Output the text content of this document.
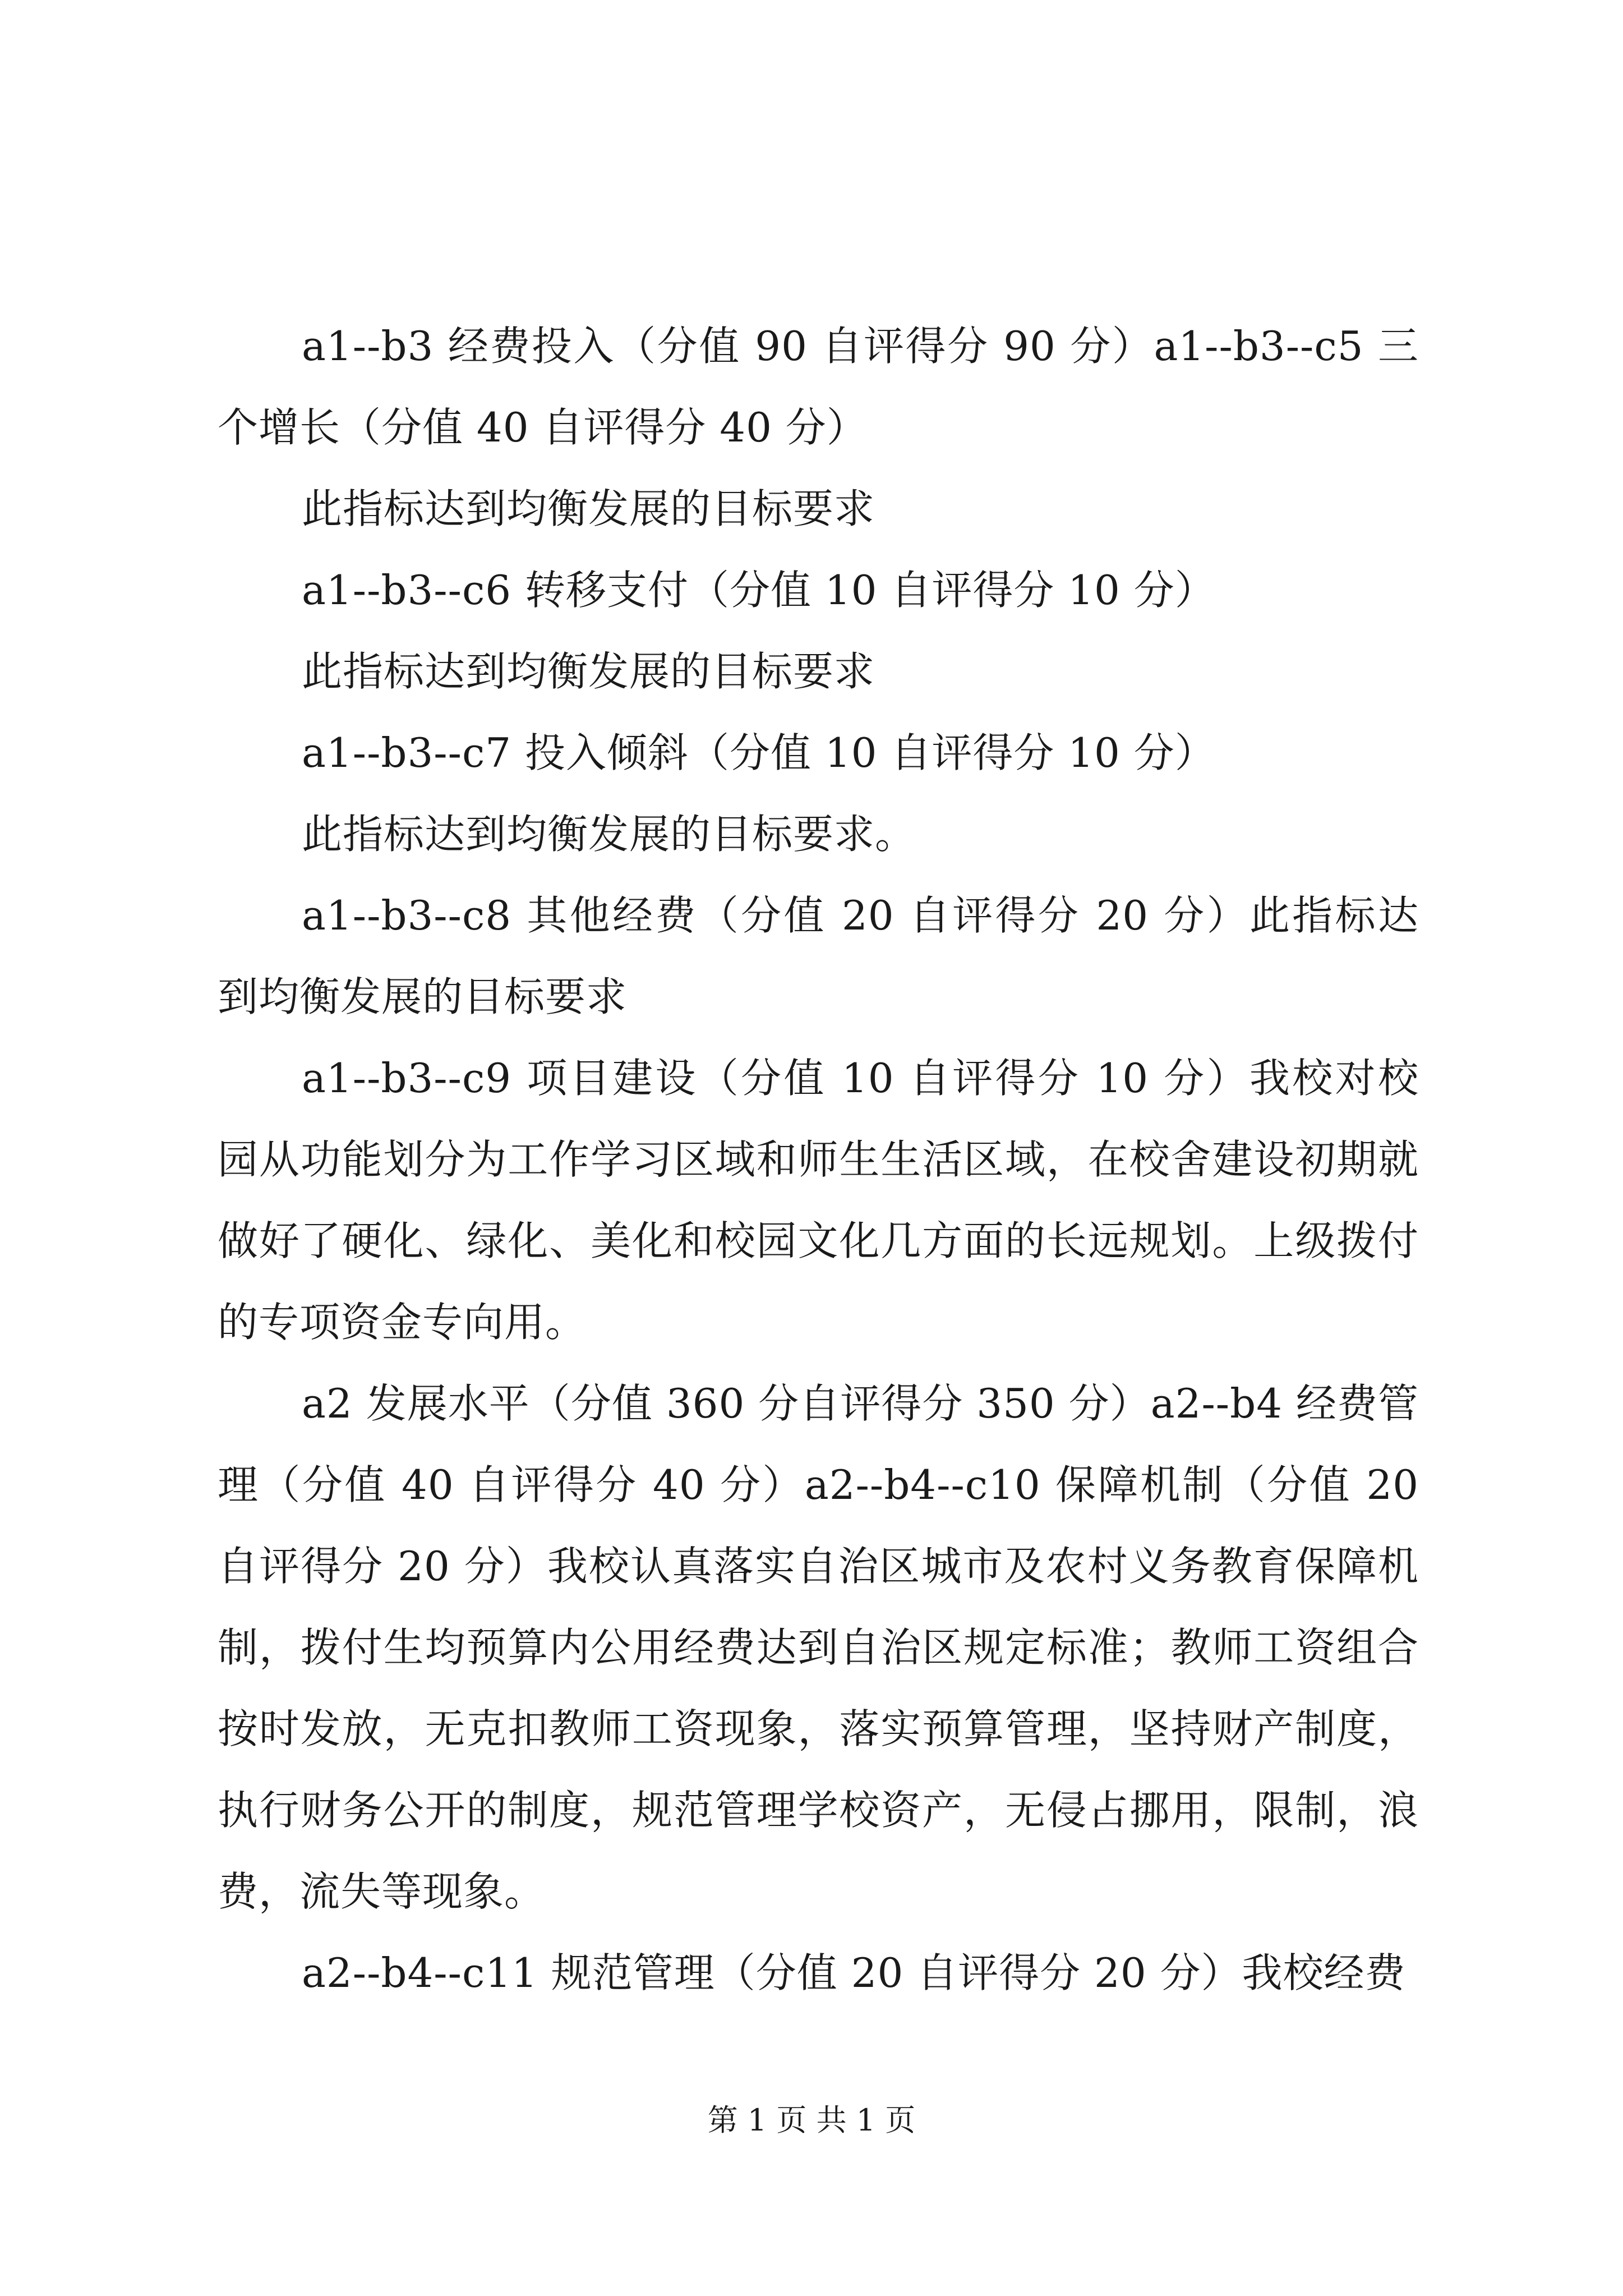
a1--b3 经费投入（分值 90 自评得分 90 分）a1--b3--c5 三个增长（分值 40 自评得分 40 分）

此指标达到均衡发展的目标要求

a1--b3--c6 转移支付（分值 10 自评得分 10 分）

此指标达到均衡发展的目标要求

a1--b3--c7 投入倾斜（分值 10 自评得分 10 分）

此指标达到均衡发展的目标要求。

a1--b3--c8 其他经费（分值 20 自评得分 20 分）此指标达到均衡发展的目标要求

a1--b3--c9 项目建设（分值 10 自评得分 10 分）我校对校园从功能划分为工作学习区域和师生生活区域，在校舍建设初期就做好了硬化、绿化、美化和校园文化几方面的长远规划。上级拨付的专项资金专向用。

a2 发展水平（分值 360 分自评得分 350 分）a2--b4 经费管理（分值 40 自评得分 40 分）a2--b4--c10 保障机制（分值 20 自评得分 20 分）我校认真落实自治区城市及农村义务教育保障机制，拨付生均预算内公用经费达到自治区规定标准；教师工资组合按时发放，无克扣教师工资现象，落实预算管理，坚持财产制度，执行财务公开的制度，规范管理学校资产，无侵占挪用，限制，浪费，流失等现象。

a2--b4--c11 规范管理（分值 20 自评得分 20 分）我校经费

第 1 页 共 1 页
